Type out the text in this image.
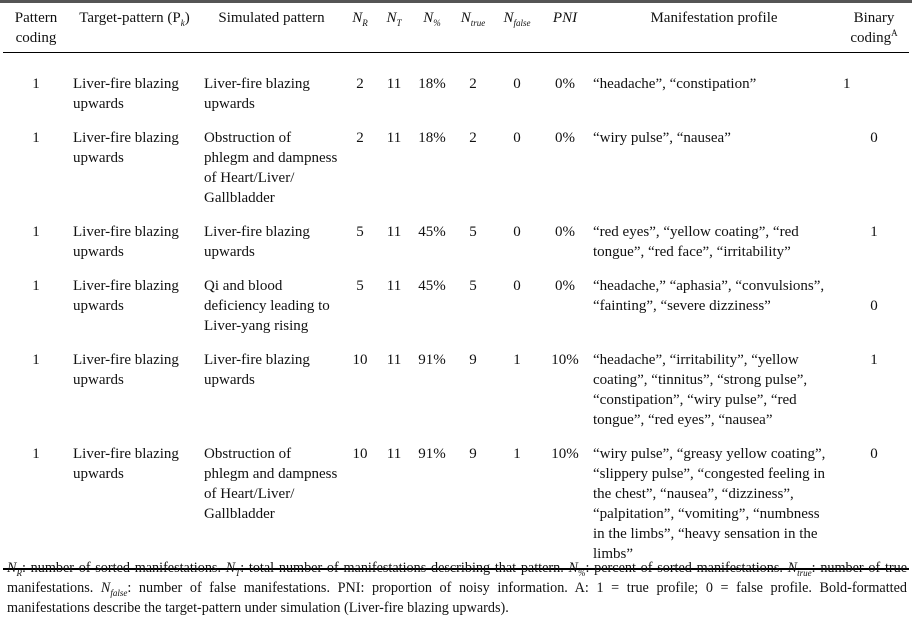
Pattern coding	Target-pattern $(P_k)$	Simulated pattern	$N_R$	$N_T$	$N_{\%}$	$N_{true}$	$N_{false}$	PNI	Manifestation profile	Binary coding$^A$
1	Liver-fire blazing upwards	Liver-fire blazing upwards	2	11	18%	2	0	0%	“headache”, “constipation”	1
1	Liver-fire blazing upwards	Obstruction of phlegm and dampness of Heart/Liver/ Gallbladder	2	11	18%	2	0	0%	“wiry pulse”, “nausea”	0
1	Liver-fire blazing upwards	Liver-fire blazing upwards	5	11	45%	5	0	0%	“red eyes”, “yellow coating”, “red tongue”, “red face”, “irritability”	1
1	Liver-fire blazing upwards	Qi and blood deficiency leading to Liver-yang rising	5	11	45%	5	0	0%	“headache,” “aphasia”, “convulsions”, “fainting”, “severe dizziness”	0
1	Liver-fire blazing upwards	Liver-fire blazing upwards	10	11	91%	9	1	10%	“headache”, “irritability”, “yellow coating”, “tinnitus”, “strong pulse”, “constipation”, “wiry pulse”, “red tongue”, “red eyes”, “nausea”	1
1	Liver-fire blazing upwards	Obstruction of phlegm and dampness of Heart/Liver/ Gallbladder	10	11	91%	9	1	10%	“wiry pulse”, “greasy yellow coating”, “slippery pulse”, “congested feeling in the chest”, “nausea”, “dizziness”, “palpitation”, “vomiting”, “numbness in the limbs”, “heavy sensation in the limbs”	0

$N_R$: number of sorted manifestations. $N_T$: total number of manifestations describing that pattern. $N_{\%}$: percent of sorted manifestations. $N_{true}$: number of true manifestations. $N_{false}$: number of false manifestations. PNI: proportion of noisy information. A: 1 = true profile; 0 = false profile. Bold-formatted manifestations describe the target-pattern under simulation (Liver-fire blazing upwards).
